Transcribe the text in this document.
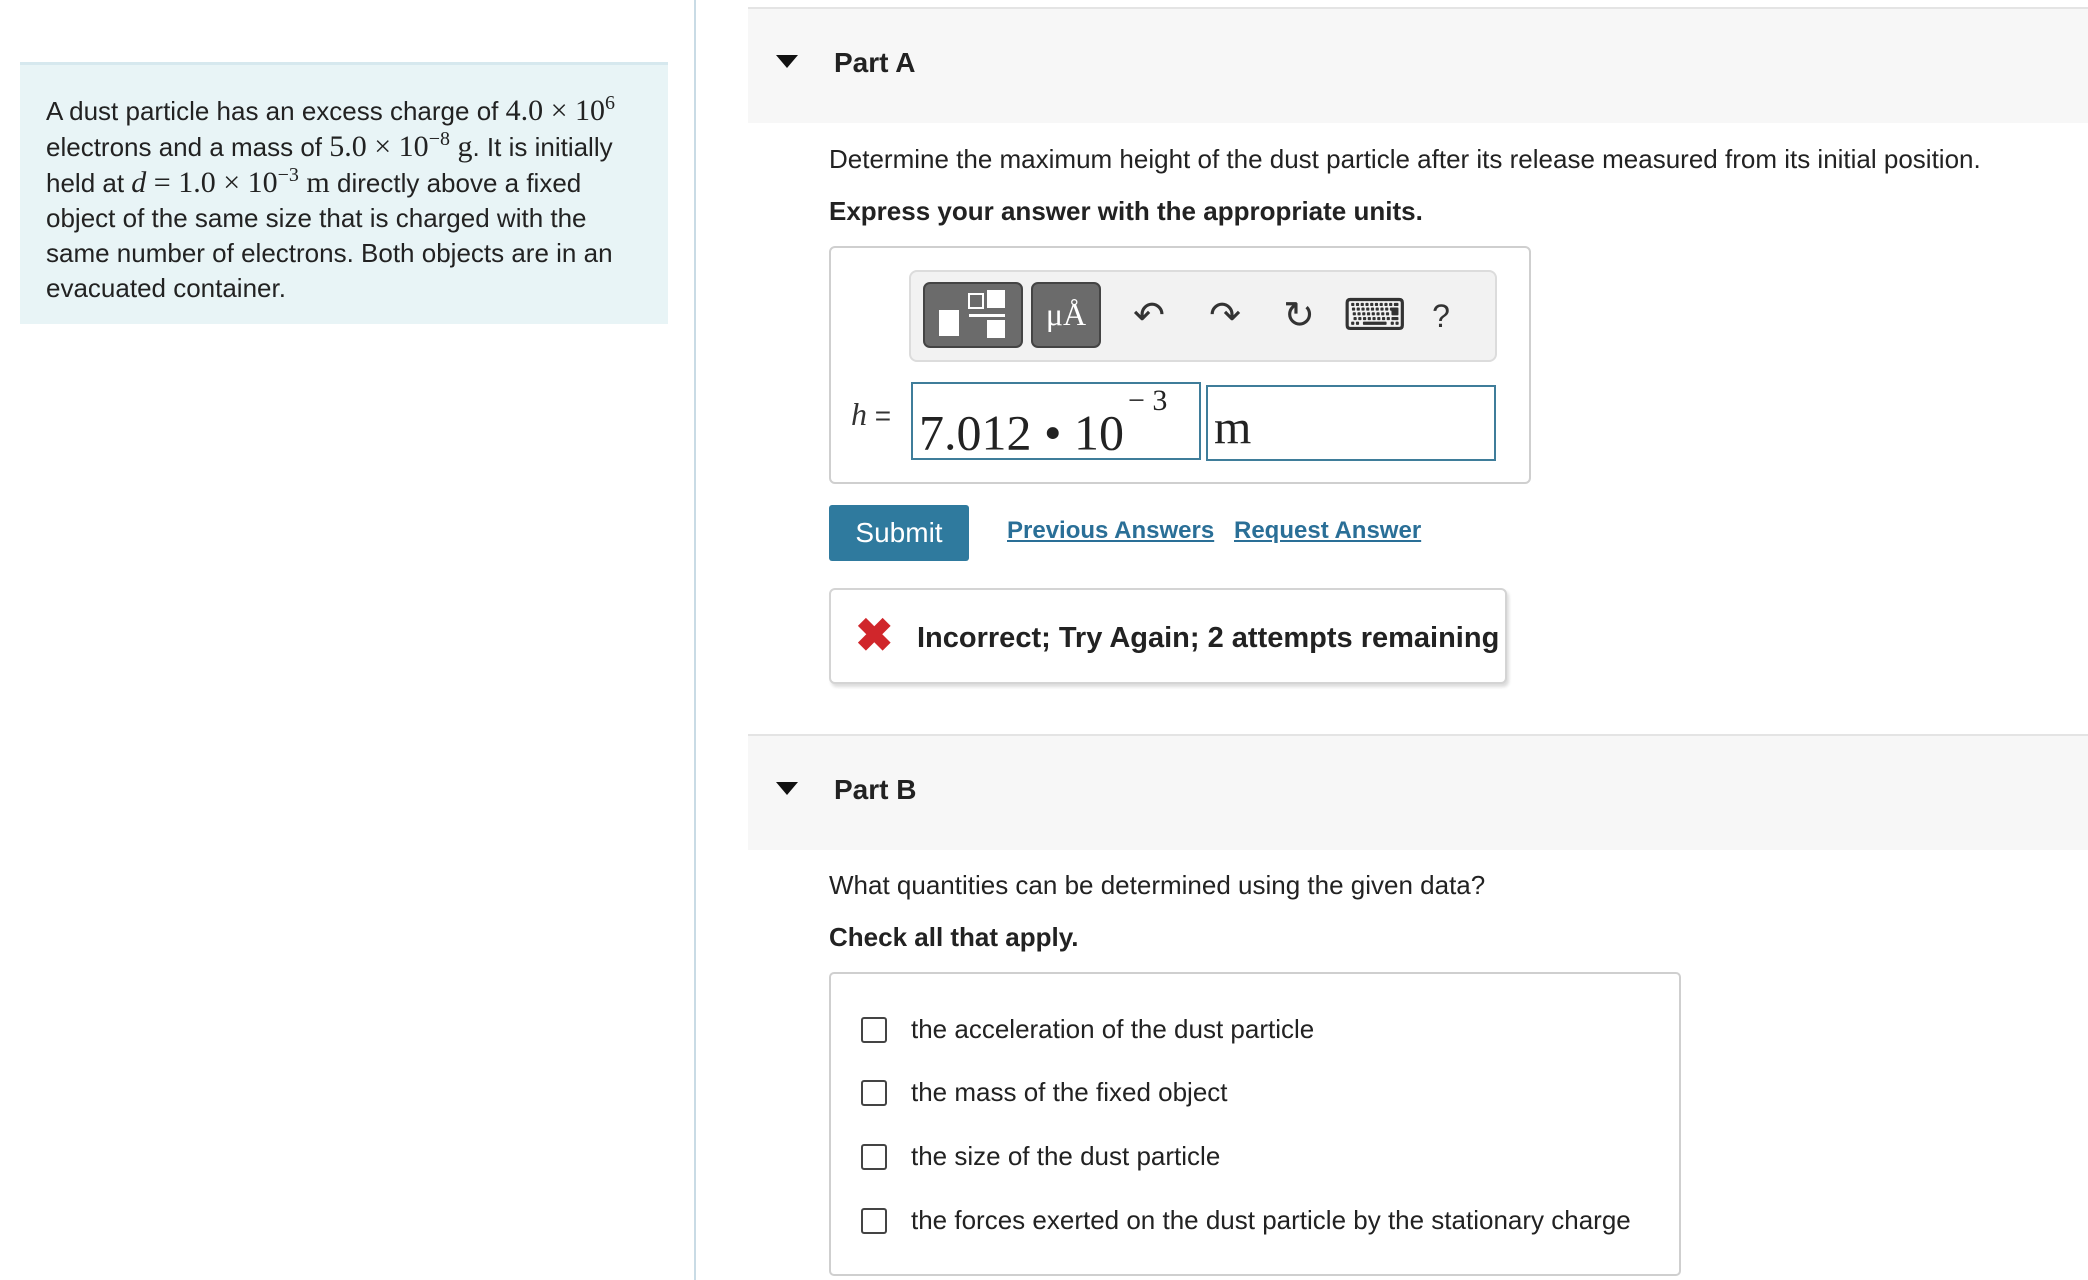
A dust particle has an excess charge of $4.0 \times 10^6$
electrons and a mass of $5.0 \times 10^{-8}$ g. It is initially
held at $d = 1.0 \times 10^{-3}$ m directly above a fixed
object of the same size that is charged with the
same number of electrons. Both objects are in an
evacuated container.
Part A
Determine the maximum height of the dust particle after its release measured from its initial position.
Express your answer with the appropriate units.
μÅ	↶	↷	↻ ⌨ ?
h = 7.012 • $10^{- 3}$
m
Submit	Previous Answers Request Answer
✖ Incorrect; Try Again; 2 attempts remaining
Part B
What quantities can be determined using the given data?
Check all that apply.
the acceleration of the dust particle
the mass of the fixed object
the size of the dust particle
the forces exerted on the dust particle by the stationary charge
